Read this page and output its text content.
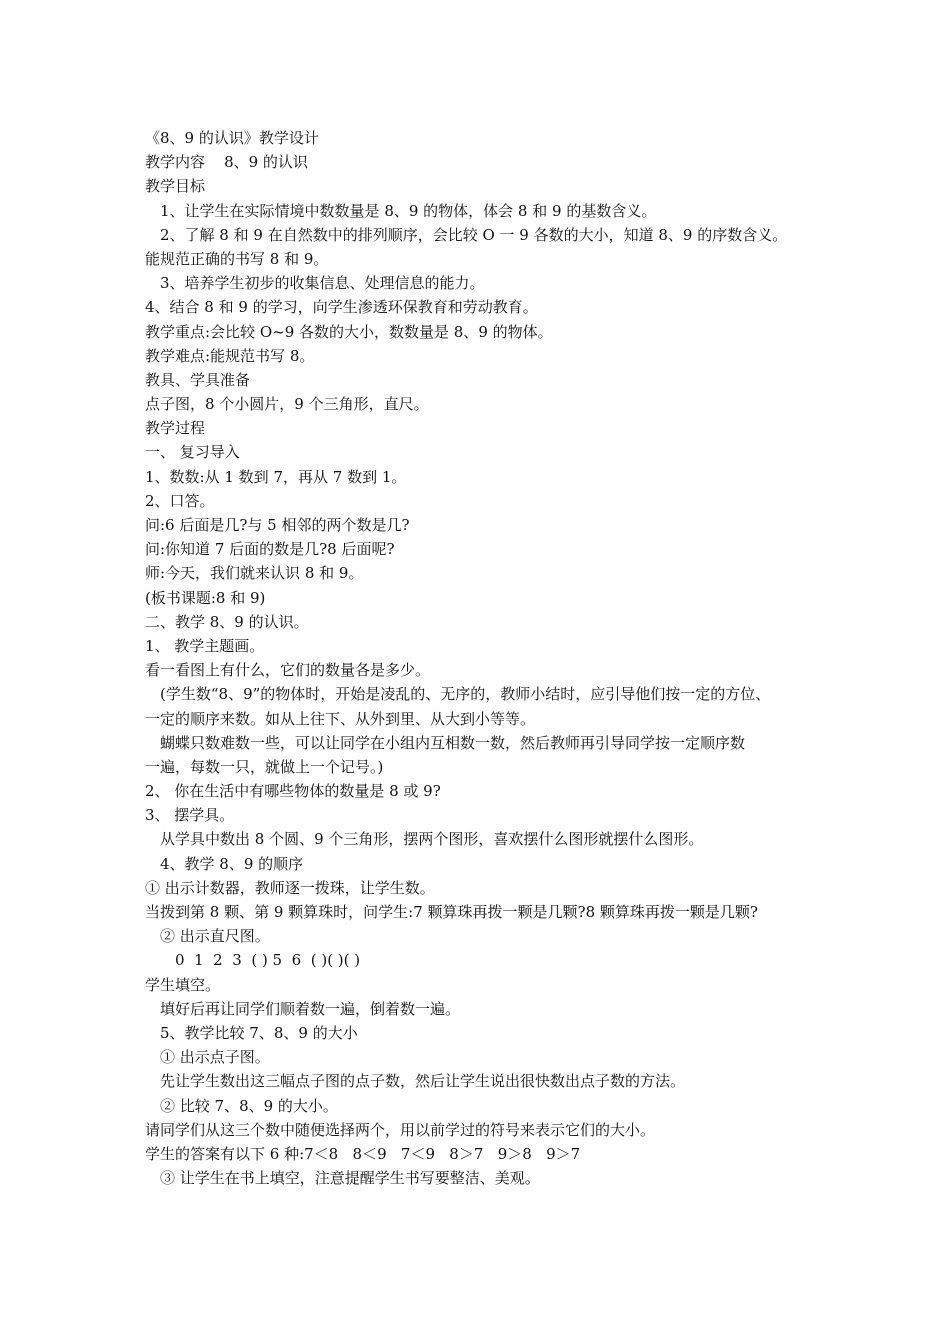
《8、9 的认识》教学设计
教学内容    8、9 的认识
教学目标
1、让学生在实际情境中数数量是 8、9 的物体，体会 8 和 9 的基数含义。
2、了解 8 和 9 在自然数中的排列顺序，会比较 O 一 9 各数的大小，知道 8、9 的序数含义。
能规范正确的书写 8 和 9。
3、培养学生初步的收集信息、处理信息的能力。
4、结合 8 和 9 的学习，向学生渗透环保教育和劳动教育。
教学重点:会比较 O~9 各数的大小，数数量是 8、9 的物体。
教学难点:能规范书写 8。
教具、学具准备
点子图，8 个小圆片，9 个三角形，直尺。
教学过程
一、 复习导入
1、数数:从 1 数到 7，再从 7 数到 1。
2、口答。
问:6 后面是几?与 5 相邻的两个数是几?
问:你知道 7 后面的数是几?8 后面呢?
师:今天，我们就来认识 8 和 9。
(板书课题:8 和 9)
二、教学 8、9 的认识。
1、 教学主题画。
看一看图上有什么，它们的数量各是多少。
(学生数“8、9”的物体时，开始是凌乱的、无序的，教师小结时，应引导他们按一定的方位、
一定的顺序来数。如从上往下、从外到里、从大到小等等。
蝴蝶只数难数一些，可以让同学在小组内互相数一数，然后教师再引导同学按一定顺序数
一遍，每数一只，就做上一个记号。)
2、 你在生活中有哪些物体的数量是 8 或 9?
3、 摆学具。
从学具中数出 8 个圆、9 个三角形，摆两个图形，喜欢摆什么图形就摆什么图形。
4、教学 8、9 的顺序
① 出示计数器，教师逐一拨珠，让学生数。
当拨到第 8 颗、第 9 颗算珠时，问学生:7 颗算珠再拨一颗是几颗?8 颗算珠再拨一颗是几颗?
② 出示直尺图。
0  1  2  3  ( ) 5  6  ( )( )( )
学生填空。
填好后再让同学们顺着数一遍，倒着数一遍。
5、教学比较 7、8、9 的大小
① 出示点子图。
先让学生数出这三幅点子图的点子数，然后让学生说出很快数出点子数的方法。
② 比较 7、8、9 的大小。
请同学们从这三个数中随便选择两个，用以前学过的符号来表示它们的大小。
学生的答案有以下 6 种:7＜8   8＜9   7＜9   8＞7   9＞8   9＞7
③ 让学生在书上填空，注意提醒学生书写要整洁、美观。
